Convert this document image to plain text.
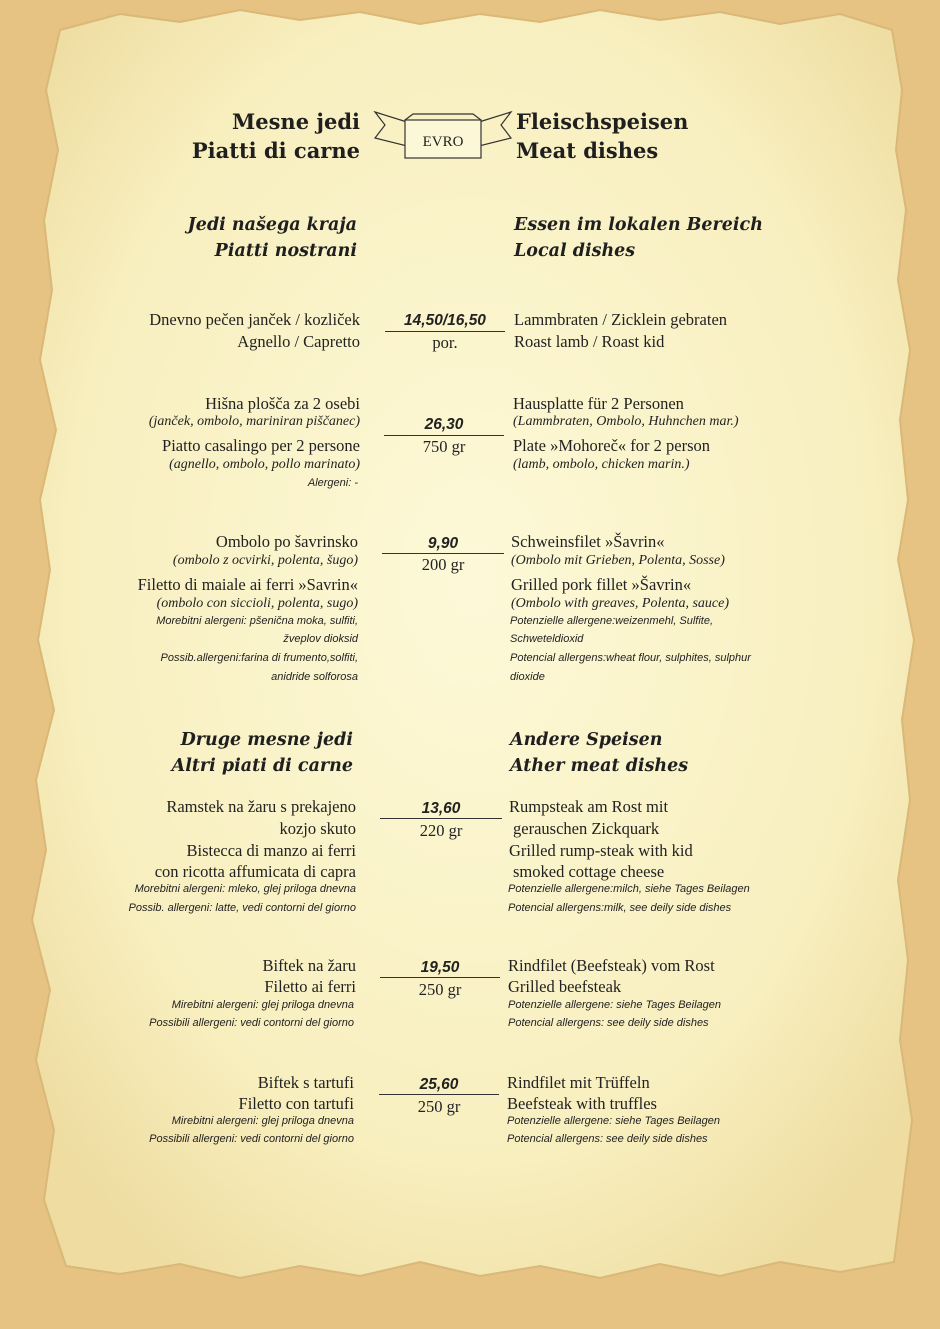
Mesne jedi
Piatti di carne
Fleischspeisen
Meat dishes
EVRO
Jedi našega kraja
Piatti nostrani
Essen im lokalen Bereich
Local dishes
Dnevno pečen janček / kozliček
Agnello / Capretto
14,50/16,50
por.
Lammbraten / Zicklein gebraten
Roast lamb / Roast kid
Hišna plošča za 2 osebi
(janček, ombolo, mariniran piščanec)
Piatto casalingo per 2 persone
(agnello, ombolo, pollo marinato)
Alergeni: -
26,30
750 gr
Hausplatte für 2 Personen
(Lammbraten, Ombolo, Huhnchen mar.)
Plate »Mohoreč« for 2 person
(lamb, ombolo, chicken marin.)
Ombolo po šavrinsko
(ombolo z ocvirki, polenta, šugo)
Filetto di maiale ai ferri »Savrin«
(ombolo con siccioli, polenta, sugo)
Morebitni alergeni: pšenična moka, sulfiti,
žveplov dioksid
Possib.allergeni:farina di frumento,solfiti,
anidride solforosa
9,90
200 gr
Schweinsfilet »Šavrin«
(Ombolo mit Grieben, Polenta, Sosse)
Grilled pork fillet »Šavrin«
(Ombolo with greaves, Polenta, sauce)
Potenzielle allergene:weizenmehl, Sulfite,
Schweteldioxid
Potencial allergens:wheat flour, sulphites, sulphur
dioxide
Druge mesne jedi
Altri piati di carne
Andere Speisen
Ather meat dishes
Ramstek na žaru s prekajeno
kozjo skuto
Bistecca di manzo ai ferri
con ricotta affumicata di capra
Morebitni alergeni: mleko, glej priloga dnevna
Possib. allergeni: latte, vedi contorni del giorno
13,60
220 gr
Rumpsteak am Rost mit
gerauschen Zickquark
Grilled rump-steak with kid
smoked cottage cheese
Potenzielle allergene:milch, siehe Tages Beilagen
Potencial allergens:milk, see deily side dishes
Biftek na žaru
Filetto ai ferri
Mirebitni alergeni: glej priloga dnevna
Possibili allergeni: vedi contorni del giorno
19,50
250 gr
Rindfilet (Beefsteak) vom Rost
Grilled beefsteak
Potenzielle allergene: siehe Tages Beilagen
Potencial allergens: see deily side dishes
Biftek s tartufi
Filetto con tartufi
Mirebitni alergeni: glej priloga dnevna
Possibili allergeni: vedi contorni del giorno
25,60
250 gr
Rindfilet mit Trüffeln
Beefsteak with truffles
Potenzielle allergene: siehe Tages Beilagen
Potencial allergens: see deily side dishes
